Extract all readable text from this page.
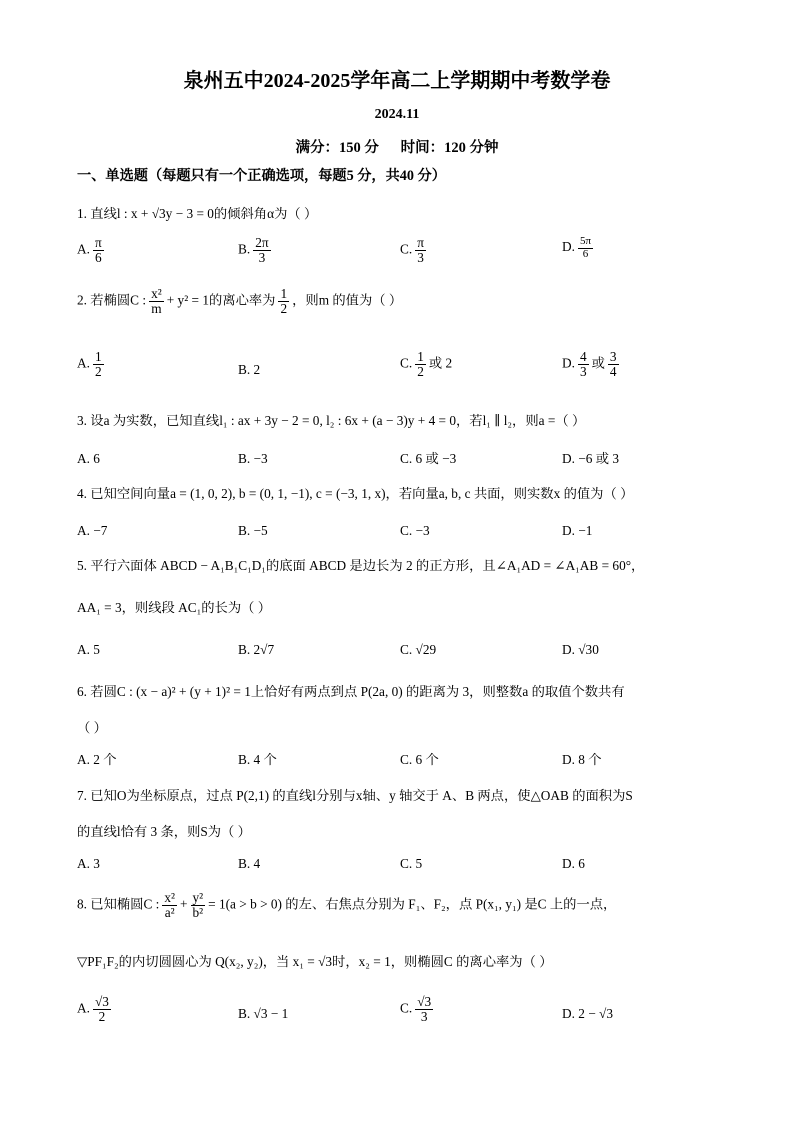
泉州五中2024-2025学年高二上学期期中考数学卷
2024.11
满分：150 分      时间：120 分钟
一、单选题（每题只有一个正确选项，每题5 分，共40 分）
1. 直线l : x + √3y − 3 = 0的倾斜角α为（ ）
A. $\frac{\pi}{6}$	B. $\frac{2\pi}{3}$	C. $\frac{\pi}{3}$	D. $\frac{5\pi}{6}$
2. 若椭圆C : $\frac{\text{x²}}{m} + y^2 = 1$的离心率为 $\frac{1}{2}$ ，则m 的值为（ ）
A. $\frac{1}{2}$	B. 2	C. $\frac{1}{2}$ 或 2	D. $\frac{4}{3}$ 或 $\frac{3}{4}$
3. 设a 为实数，已知直线l₁ : ax + 3y − 2 = 0, l₂ : 6x + (a − 3)y + 4 = 0，若l₁ ∥ l₂，则a =（ ）
A. 6	B. −3	C. 6 或 −3	D. −6 或 3
4. 已知空间向量a = (1, 0, 2), b = (0, 1, −1), c = (−3, 1, x)，若向量a, b, c 共面，则实数x 的值为（ ）
A. −7	B. −5	C. −3	D. −1
5. 平行六面体 ABCD − A₁B₁C₁D₁的底面 ABCD 是边长为 2 的正方形，且∠A₁AD = ∠A₁AB = 60°，
AA₁ = 3，则线段 AC₁的长为（ ）
A. 5	B. 2√7	C. √29	D. √30
6. 若圆C : (x − a)² + (y + 1)² = 1上恰好有两点到点 P(2a, 0) 的距离为 3，则整数a 的取值个数共有
（ ）
A. 2 个	B. 4 个	C. 6 个	D. 8 个
7. 已知O为坐标原点，过点 P(2,1) 的直线l分别与x轴、y 轴交于 A、B 两点，使△OAB 的面积为S
的直线l恰有 3 条，则S为（ ）
A. 3	B. 4	C. 5	D. 6
8. 已知椭圆C : $\frac{\text{x²}}{\text{a²}} + \frac{\text{y²}}{\text{b²}} = 1(a > b > 0)$ 的左、右焦点分别为 F₁、F₂，点 P(x₁, y₁) 是C 上的一点，
▽PF₁F₂的内切圆圆心为 Q(x₂, y₂)，当 x₁ = √3时，x₂ = 1，则椭圆C 的离心率为（ ）
A. $\frac{√3}{2}$	B. √3 − 1	C. $\frac{√3}{3}$	D. 2 − √3
